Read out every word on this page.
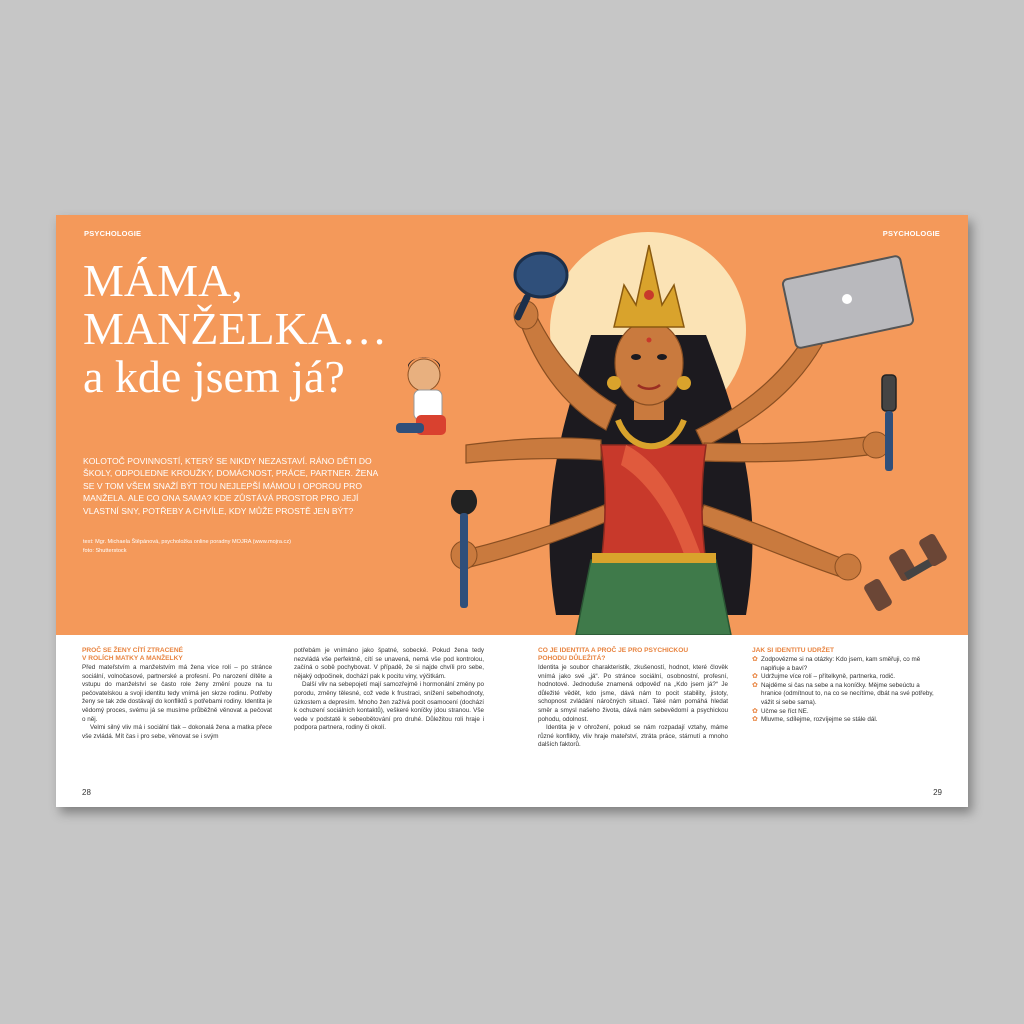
PSYCHOLOGIE	PSYCHOLOGIE
MÁMA,
MANŽELKA…
a kde jsem já?

KOLOTOČ POVINNOSTÍ, KTERÝ SE NIKDY NEZASTAVÍ. RÁNO DĚTI DO ŠKOLY, ODPOLEDNE KROUŽKY, DOMÁCNOST, PRÁCE, PARTNER. ŽENA SE V TOM VŠEM SNAŽÍ BÝT TOU NEJLEPŠÍ MÁMOU I OPOROU PRO MANŽELA. ALE CO ONA SAMA? KDE ZŮSTÁVÁ PROSTOR PRO JEJÍ VLASTNÍ SNY, POTŘEBY A CHVÍLE, KDY MŮŽE PROSTĚ JEN BÝT?

text: Mgr. Michaela Štěpánová, psycholožka online poradny MOJRA (www.mojra.cz)
foto: Shutterstock

PROČ SE ŽENY CÍTÍ ZTRACENÉ
V ROLÍCH MATKY A MANŽELKY

Před mateřstvím a manželstvím má žena více rolí – po stránce sociální, volnočasové, partnerské a profesní. Po narození dítěte a vstupu do manželství se často role ženy změní pouze na tu pečovatelskou a svoji identitu tedy vnímá jen skrze rodinu. Potřeby ženy se tak zde dostávají do konfliktů s potřebami rodiny. Identita je vědomý proces, svému já se musíme průběžně věnovat a pečovat o něj.

Velmi silný vliv má i sociální tlak – dokonalá žena a matka přece vše zvládá. Mít čas i pro sebe, věnovat se i svým

potřebám je vnímáno jako špatné, sobecké. Pokud žena tedy nezvládá vše perfektně, cítí se unavená, nemá vše pod kontrolou, začíná o sobě pochybovat. V případě, že si najde chvíli pro sebe, nějaký odpočinek, dochází pak k pocitu viny, výčitkám.

Další vliv na sebepojetí mají samozřejmě i hormonální změny po porodu, změny tělesné, což vede k frustraci, snížení sebehodnoty, úzkostem a depresím. Mnoho žen zažívá pocit osamocení (dochází k ochuzení sociálních kontaktů), veškeré koníčky jdou stranou. Vše vede v podstatě k sebeobětování pro druhé. Důležitou roli hraje i podpora partnera, rodiny či okolí.

CO JE IDENTITA A PROČ JE PRO PSYCHICKOU
POHODU DŮLEŽITÁ?

Identita je soubor charakteristik, zkušeností, hodnot, které člověk vnímá jako své „já“. Po stránce sociální, osobnostní, profesní, hodnotové. Jednoduše znamená odpověď na „Kdo jsem já?“ Je důležité vědět, kdo jsme, dává nám to pocit stability, jistoty, schopnost zvládání náročných situací. Také nám pomáhá hledat směr a smysl našeho života, dává nám sebevědomí a psychickou pohodu, odolnost.

Identita je v ohrožení, pokud se nám rozpadají vztahy, máme různé konflikty, vliv hraje mateřství, ztráta práce, stárnutí a mnoho dalších faktorů.

JAK SI IDENTITU UDRŽET
✿ Zodpovězme si na otázky: Kdo jsem, kam směřuji, co mě naplňuje a baví?
✿ Udržujme více rolí – přítelkyně, partnerka, rodič.
✿ Najděme si čas na sebe a na koníčky. Mějme sebeúctu a hranice (odmítnout to, na co se necítíme, dbát na své potřeby, vážit si sebe sama).
✿ Učme se říct NE.
✿ Mluvme, sdílejme, rozvíjejme se stále dál.
28	29
